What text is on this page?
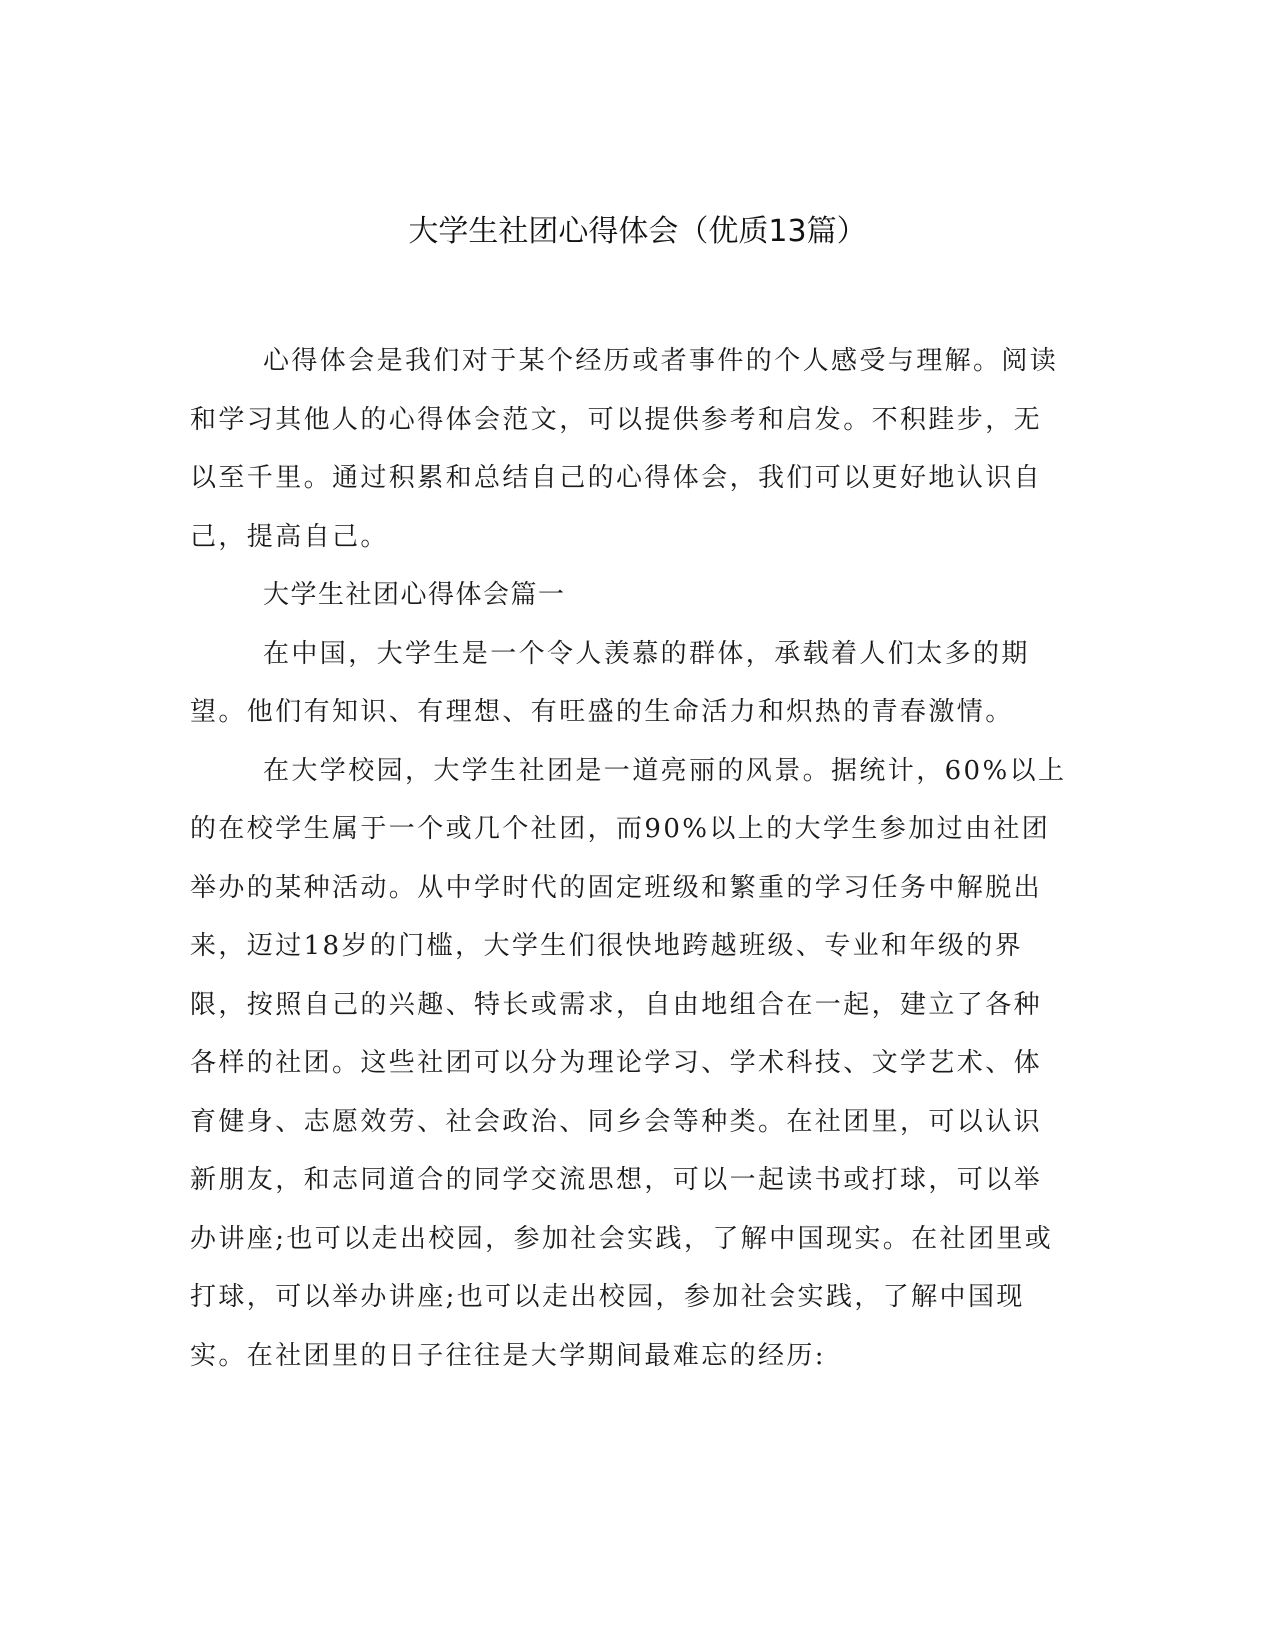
大学生社团心得体会（优质13篇）

心得体会是我们对于某个经历或者事件的个人感受与理解。阅读和学习其他人的心得体会范文，可以提供参考和启发。不积跬步，无以至千里。通过积累和总结自己的心得体会，我们可以更好地认识自己，提高自己。

大学生社团心得体会篇一

在中国，大学生是一个令人羡慕的群体，承载着人们太多的期望。他们有知识、有理想、有旺盛的生命活力和炽热的青春激情。

在大学校园，大学生社团是一道亮丽的风景。据统计，60%以上的在校学生属于一个或几个社团，而90%以上的大学生参加过由社团举办的某种活动。从中学时代的固定班级和繁重的学习任务中解脱出来，迈过18岁的门槛，大学生们很快地跨越班级、专业和年级的界限，按照自己的兴趣、特长或需求，自由地组合在一起，建立了各种各样的社团。这些社团可以分为理论学习、学术科技、文学艺术、体育健身、志愿效劳、社会政治、同乡会等种类。在社团里，可以认识新朋友，和志同道合的同学交流思想，可以一起读书或打球，可以举办讲座;也可以走出校园，参加社会实践，了解中国现实。在社团里或打球，可以举办讲座;也可以走出校园，参加社会实践，了解中国现实。在社团里的日子往往是大学期间最难忘的经历:
